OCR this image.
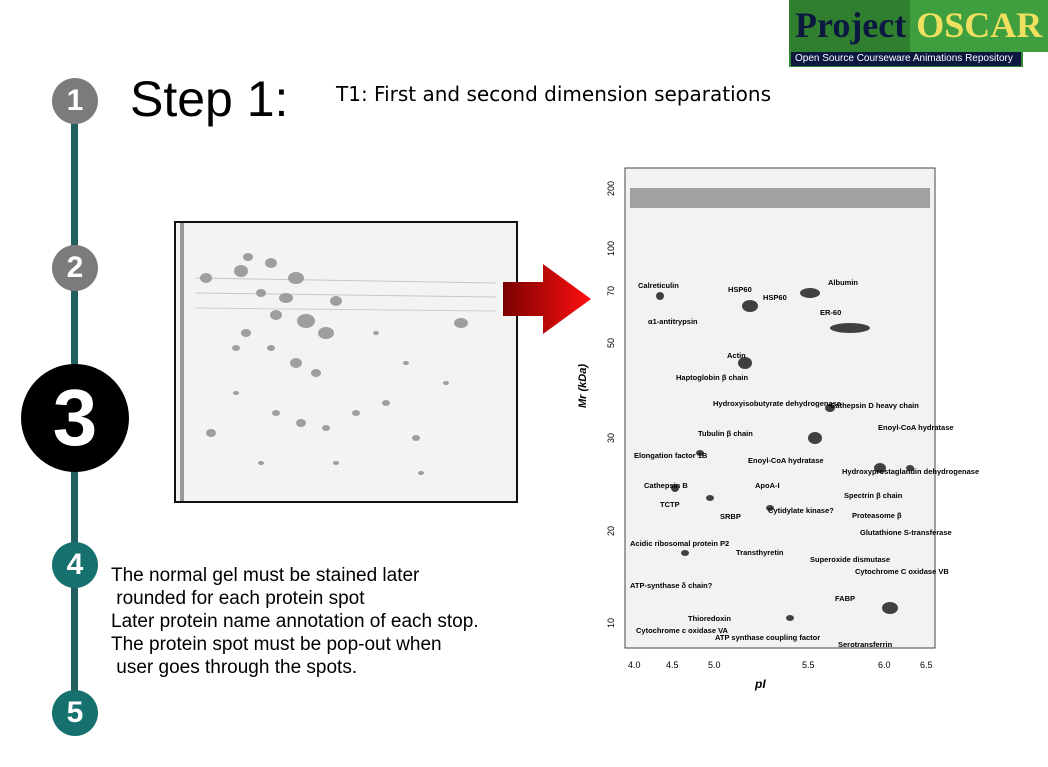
Project OSCAR
Open Source Courseware Animations Repository
1
2
3
4
5
Step 1: T1: First and second dimension separations
Calreticulin	HSP60
HSP60
Albumin
ER-60
α1-antitrypsin
Actin
Haptoglobin β chain
Hydroxyisobutyrate dehydrogenase
Cathepsin D heavy chain
Tubulin β chain
Enoyl-CoA hydratase
Elongation factor 1B
Enoyl-CoA hydratase
Hydroxyprostaglandin dehydrogenase
Cathepsin B	ApoA-I
Spectrin β chain
TCTP
SRBP
Cytidylate kinase?
Proteasome β
Glutathione S-transferase
Acidic ribosomal protein P2
Transthyretin
Superoxide dismutase
Cytochrome C oxidase VB
ATP-synthase δ chain?
FABP
Thioredoxin
Cytochrome c oxidase VA
ATP synthase coupling factor
Serotransferrin
200
100
70
50
30
20
10
Mr (kDa)
4.0	4.5	5.0	5.5	6.0	6.5
pI
The normal gel must be stained later
rounded for each protein spot
Later protein name annotation of each stop.
The protein spot must be pop-out when
user goes through the spots.
